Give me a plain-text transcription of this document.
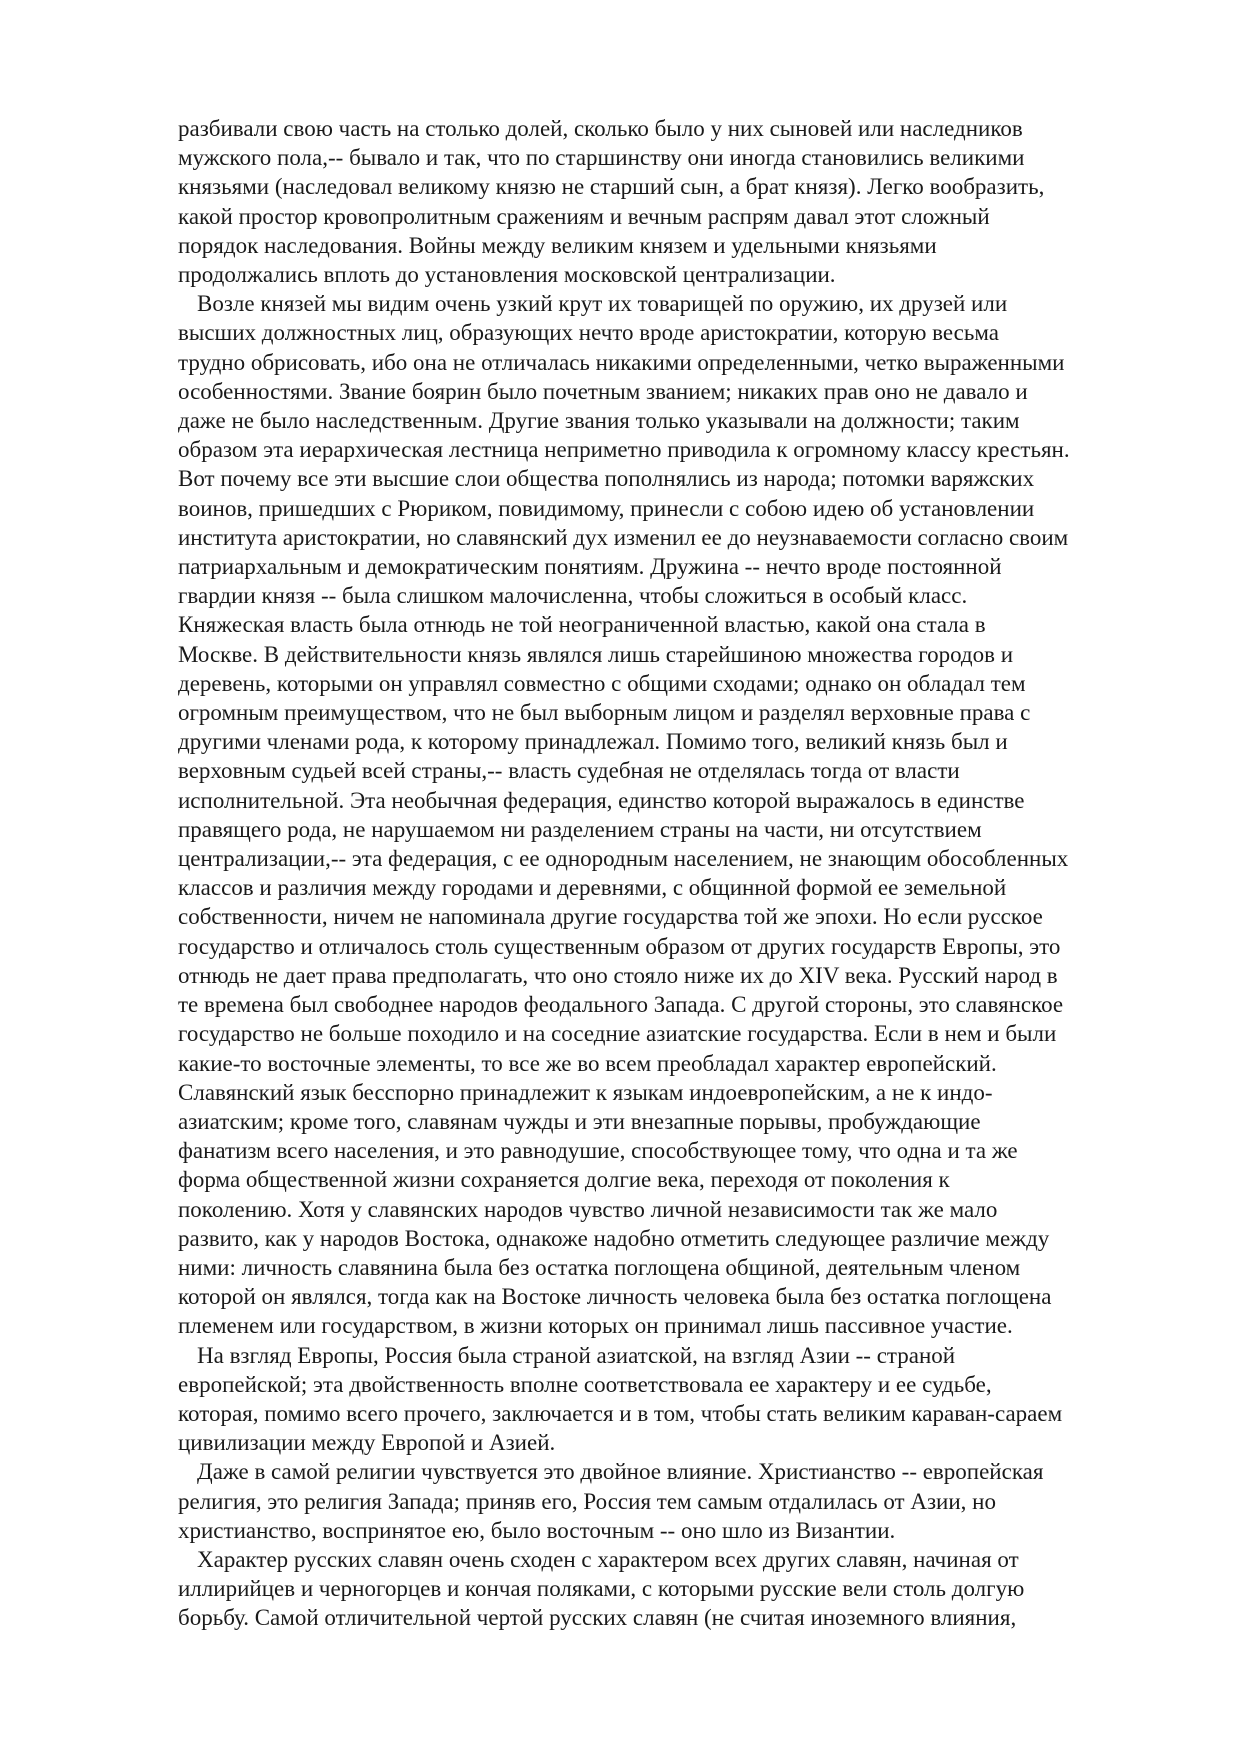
разбивали свою часть на столько долей, сколько было у них сыновей или наследников
мужского пола,-- бывало и так, что по старшинству они иногда становились великими
князьями (наследовал великому князю не старший сын, а брат князя). Легко вообразить,
какой простор кровопролитным сражениям и вечным распрям давал этот сложный
порядок наследования. Войны между великим князем и удельными князьями
продолжались вплоть до установления московской централизации.
Возле князей мы видим очень узкий крут их товарищей по оружию, их друзей или
высших должностных лиц, образующих нечто вроде аристократии, которую весьма
трудно обрисовать, ибо она не отличалась никакими определенными, четко выраженными
особенностями. Звание боярин было почетным званием; никаких прав оно не давало и
даже не было наследственным. Другие звания только указывали на должности; таким
образом эта иерархическая лестница неприметно приводила к огромному классу крестьян.
Вот почему все эти высшие слои общества пополнялись из народа; потомки варяжских
воинов, пришедших с Рюриком, повидимому, принесли с собою идею об установлении
института аристократии, но славянский дух изменил ее до неузнаваемости согласно своим
патриархальным и демократическим понятиям. Дружина -- нечто вроде постоянной
гвардии князя -- была слишком малочисленна, чтобы сложиться в особый класс.
Княжеская власть была отнюдь не той неограниченной властью, какой она стала в
Москве. В действительности князь являлся лишь старейшиною множества городов и
деревень, которыми он управлял совместно с общими сходами; однако он обладал тем
огромным преимуществом, что не был выборным лицом и разделял верховные права с
другими членами рода, к которому принадлежал. Помимо того, великий князь был и
верховным судьей всей страны,-- власть судебная не отделялась тогда от власти
исполнительной. Эта необычная федерация, единство которой выражалось в единстве
правящего рода, не нарушаемом ни разделением страны на части, ни отсутствием
централизации,-- эта федерация, с ее однородным населением, не знающим обособленных
классов и различия между городами и деревнями, с общинной формой ее земельной
собственности, ничем не напоминала другие государства той же эпохи. Но если русское
государство и отличалось столь существенным образом от других государств Европы, это
отнюдь не дает права предполагать, что оно стояло ниже их до XIV века. Русский народ в
те времена был свободнее народов феодального Запада. С другой стороны, это славянское
государство не больше походило и на соседние азиатские государства. Если в нем и были
какие-то восточные элементы, то все же во всем преобладал характер европейский.
Славянский язык бесспорно принадлежит к языкам индоевропейским, а не к индо-
азиатским; кроме того, славянам чужды и эти внезапные порывы, пробуждающие
фанатизм всего населения, и это равнодушие, способствующее тому, что одна и та же
форма общественной жизни сохраняется долгие века, переходя от поколения к
поколению. Хотя у славянских народов чувство личной независимости так же мало
развито, как у народов Востока, однакоже надобно отметить следующее различие между
ними: личность славянина была без остатка поглощена общиной, деятельным членом
которой он являлся, тогда как на Востоке личность человека была без остатка поглощена
племенем или государством, в жизни которых он принимал лишь пассивное участие.
На взгляд Европы, Россия была страной азиатской, на взгляд Азии -- страной
европейской; эта двойственность вполне соответствовала ее характеру и ее судьбе,
которая, помимо всего прочего, заключается и в том, чтобы стать великим караван-сараем
цивилизации между Европой и Азией.
Даже в самой религии чувствуется это двойное влияние. Христианство -- европейская
религия, это религия Запада; приняв его, Россия тем самым отдалилась от Азии, но
христианство, воспринятое ею, было восточным -- оно шло из Византии.
Характер русских славян очень сходен с характером всех других славян, начиная от
иллирийцев и черногорцев и кончая поляками, с которыми русские вели столь долгую
борьбу. Самой отличительной чертой русских славян (не считая иноземного влияния,
